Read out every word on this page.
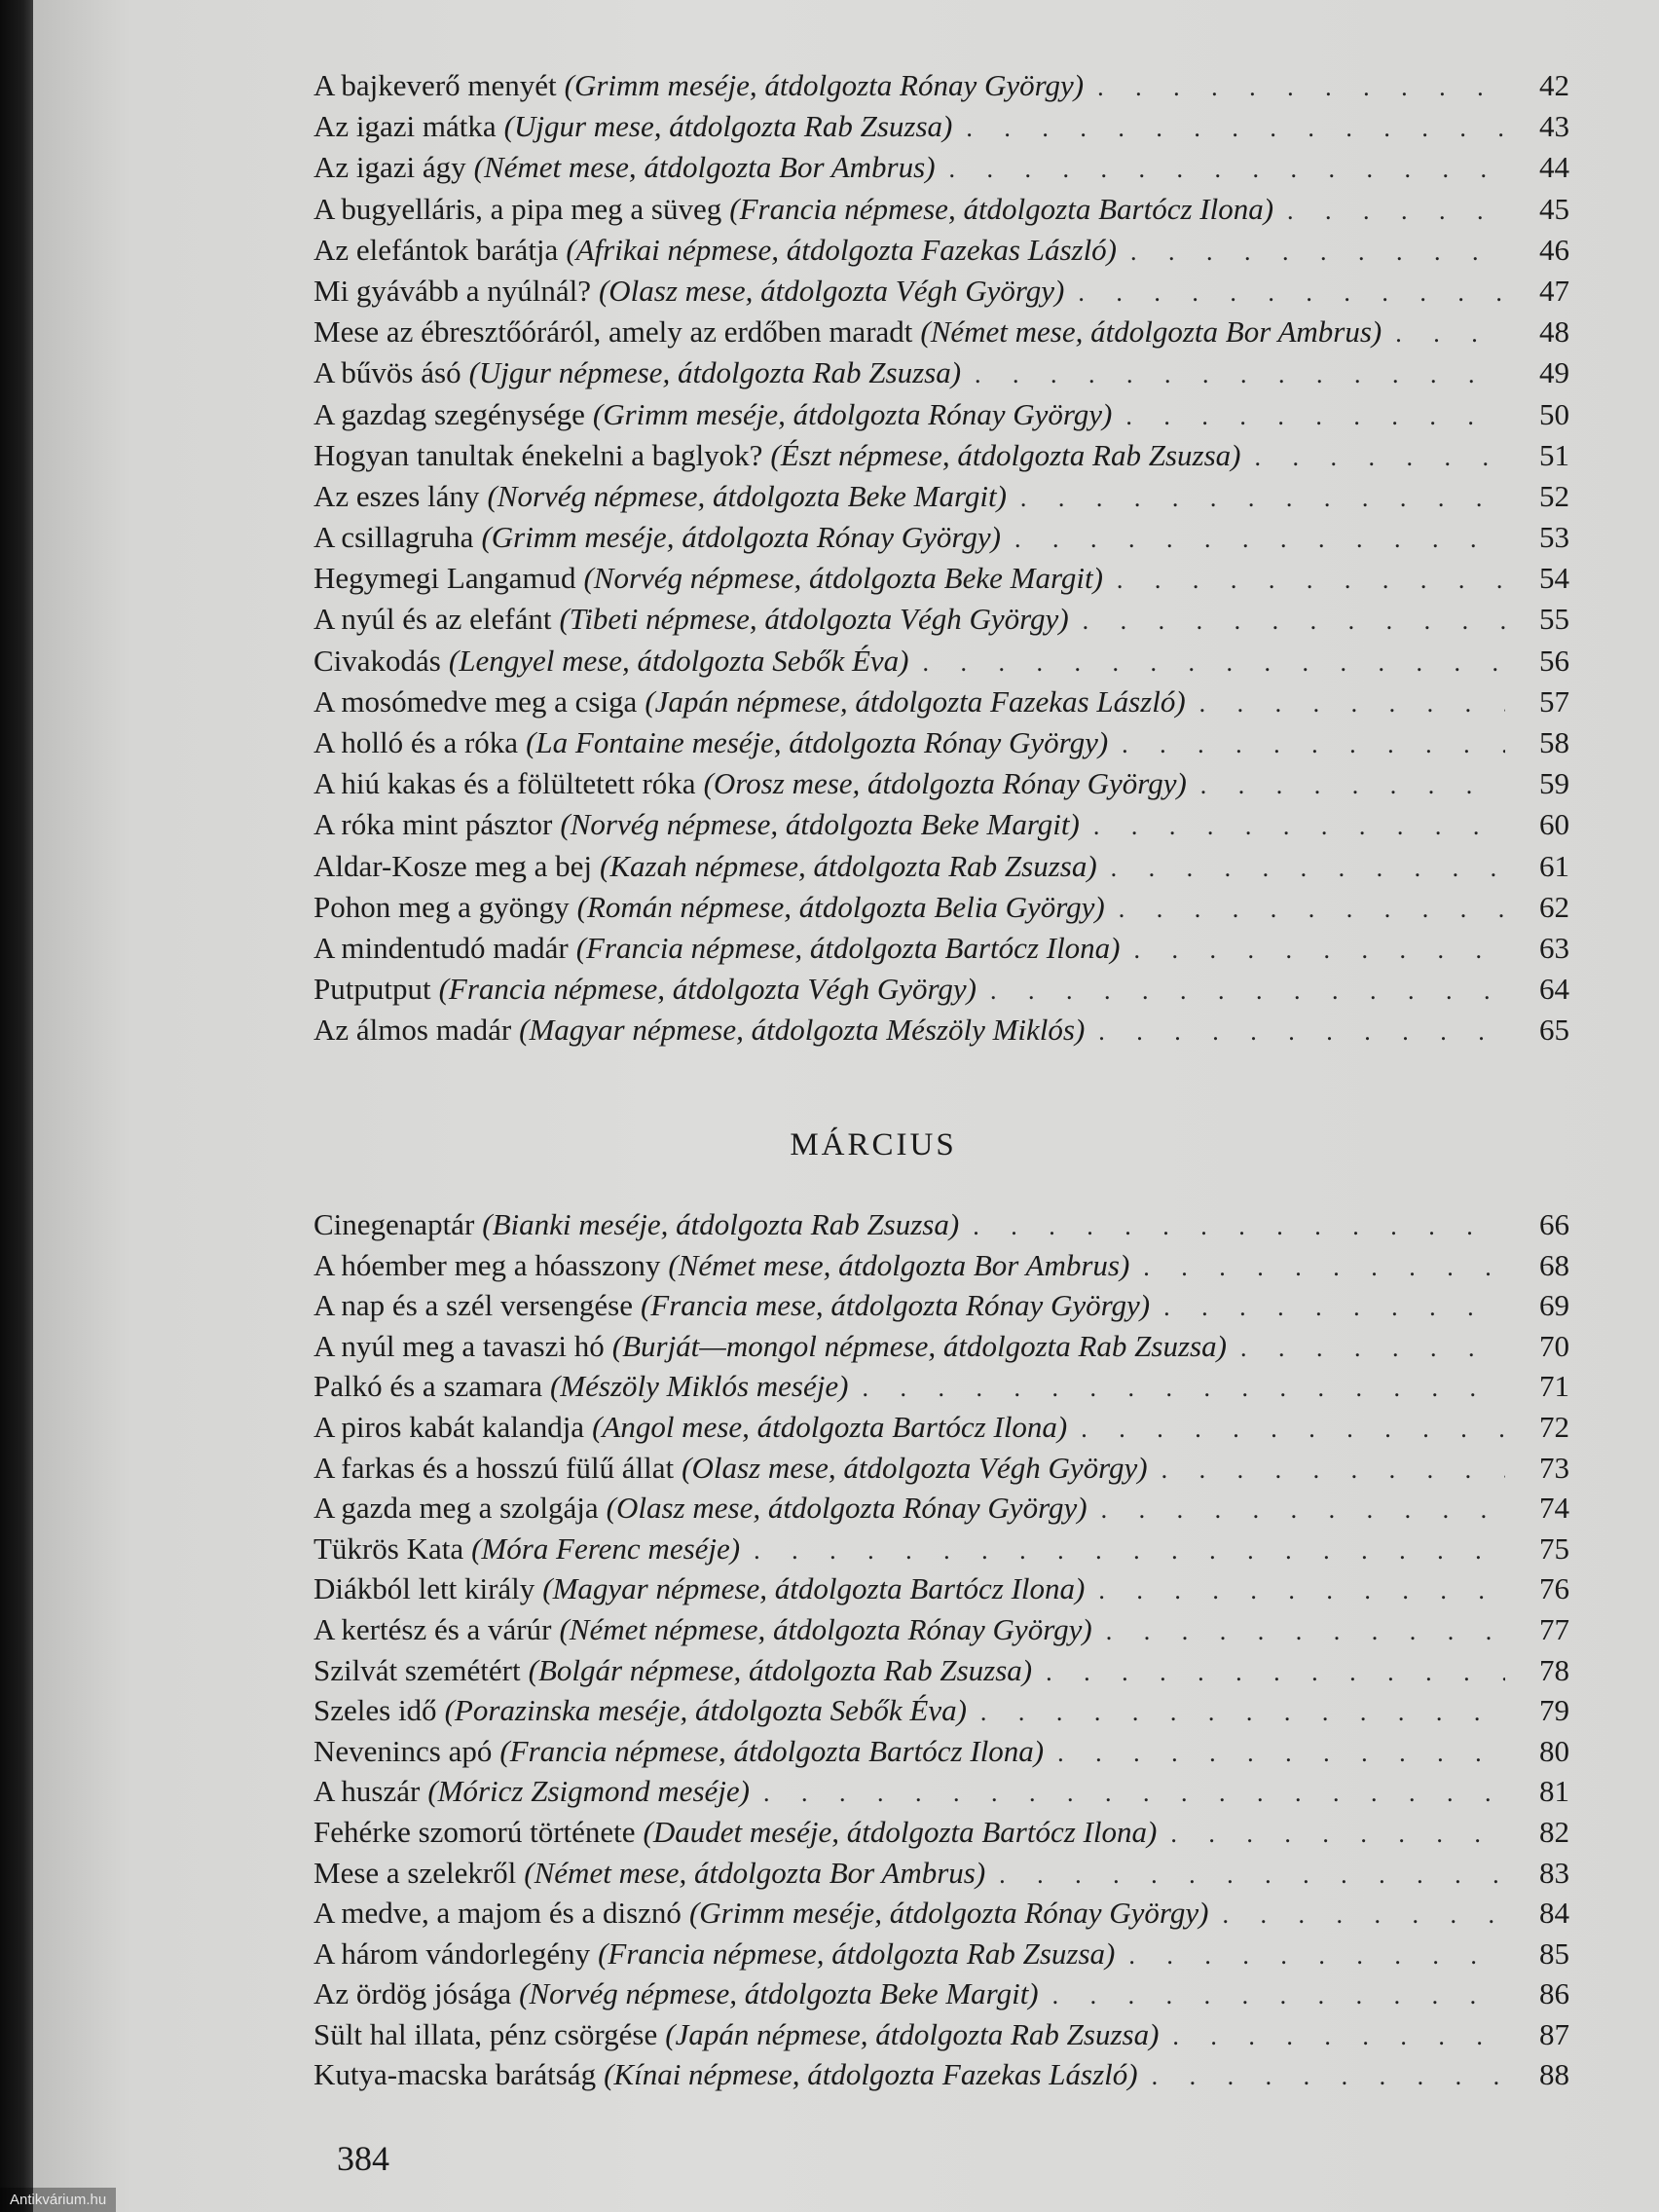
A bajkeverő menyét (Grimm meséje, átdolgozta Rónay György) .	42
Az igazi mátka (Ujgur mese, átdolgozta Rab Zsuzsa) .	43
Az igazi ágy (Német mese, átdolgozta Bor Ambrus) .	44
A bugyelláris, a pipa meg a süveg (Francia népmese, átdolgozta Bartócz Ilona) .	45
Az elefántok barátja (Afrikai népmese, átdolgozta Fazekas László) .	46
Mi gyávább a nyúlnál? (Olasz mese, átdolgozta Végh György) .	47
Mese az ébresztőóráról, amely az erdőben maradt (Német mese, átdolgozta Bor Ambrus) .	48
A bűvös ásó (Ujgur népmese, átdolgozta Rab Zsuzsa) .	49
A gazdag szegénysége (Grimm meséje, átdolgozta Rónay György) .	50
Hogyan tanultak énekelni a baglyok? (Észt népmese, átdolgozta Rab Zsuzsa) .	51
Az eszes lány (Norvég népmese, átdolgozta Beke Margit) .	52
A csillagruha (Grimm meséje, átdolgozta Rónay György) .	53
Hegymegi Langamud (Norvég népmese, átdolgozta Beke Margit) .	54
A nyúl és az elefánt (Tibeti népmese, átdolgozta Végh György) .	55
Civakodás (Lengyel mese, átdolgozta Sebők Éva) .	56
A mosómedve meg a csiga (Japán népmese, átdolgozta Fazekas László) .	57
A holló és a róka (La Fontaine meséje, átdolgozta Rónay György) .	58
A hiú kakas és a fölültetett róka (Orosz mese, átdolgozta Rónay György) .	59
A róka mint pásztor (Norvég népmese, átdolgozta Beke Margit) .	60
Aldar-Kosze meg a bej (Kazah népmese, átdolgozta Rab Zsuzsa) .	61
Pohon meg a gyöngy (Román népmese, átdolgozta Belia György) .	62
A mindentudó madár (Francia népmese, átdolgozta Bartócz Ilona) .	63
Putputput (Francia népmese, átdolgozta Végh György) .	64
Az álmos madár (Magyar népmese, átdolgozta Mészöly Miklós) .	65
MÁRCIUS
Cinegenaptár (Bianki meséje, átdolgozta Rab Zsuzsa) .	66
A hóember meg a hóasszony (Német mese, átdolgozta Bor Ambrus) .	68
A nap és a szél versengése (Francia mese, átdolgozta Rónay György) .	69
A nyúl meg a tavaszi hó (Burját—mongol népmese, átdolgozta Rab Zsuzsa) .	70
Palkó és a szamara (Mészöly Miklós meséje) .	71
A piros kabát kalandja (Angol mese, átdolgozta Bartócz Ilona) .	72
A farkas és a hosszú fülű állat (Olasz mese, átdolgozta Végh György) .	73
A gazda meg a szolgája (Olasz mese, átdolgozta Rónay György) .	74
Tükrös Kata (Móra Ferenc meséje) .	75
Diákból lett király (Magyar népmese, átdolgozta Bartócz Ilona) .	76
A kertész és a várúr (Német népmese, átdolgozta Rónay György) .	77
Szilvát szemétért (Bolgár népmese, átdolgozta Rab Zsuzsa) .	78
Szeles idő (Porazinska meséje, átdolgozta Sebők Éva) .	79
Nevenincs apó (Francia népmese, átdolgozta Bartócz Ilona) .	80
A huszár (Móricz Zsigmond meséje) .	81
Fehérke szomorú története (Daudet meséje, átdolgozta Bartócz Ilona) .	82
Mese a szelekről (Német mese, átdolgozta Bor Ambrus) .	83
A medve, a majom és a disznó (Grimm meséje, átdolgozta Rónay György) .	84
A három vándorlegény (Francia népmese, átdolgozta Rab Zsuzsa) .	85
Az ördög jósága (Norvég népmese, átdolgozta Beke Margit) .	86
Sült hal illata, pénz csörgése (Japán népmese, átdolgozta Rab Zsuzsa) .	87
Kutya-macska barátság (Kínai népmese, átdolgozta Fazekas László) .	88
384
Antikvárium.hu
